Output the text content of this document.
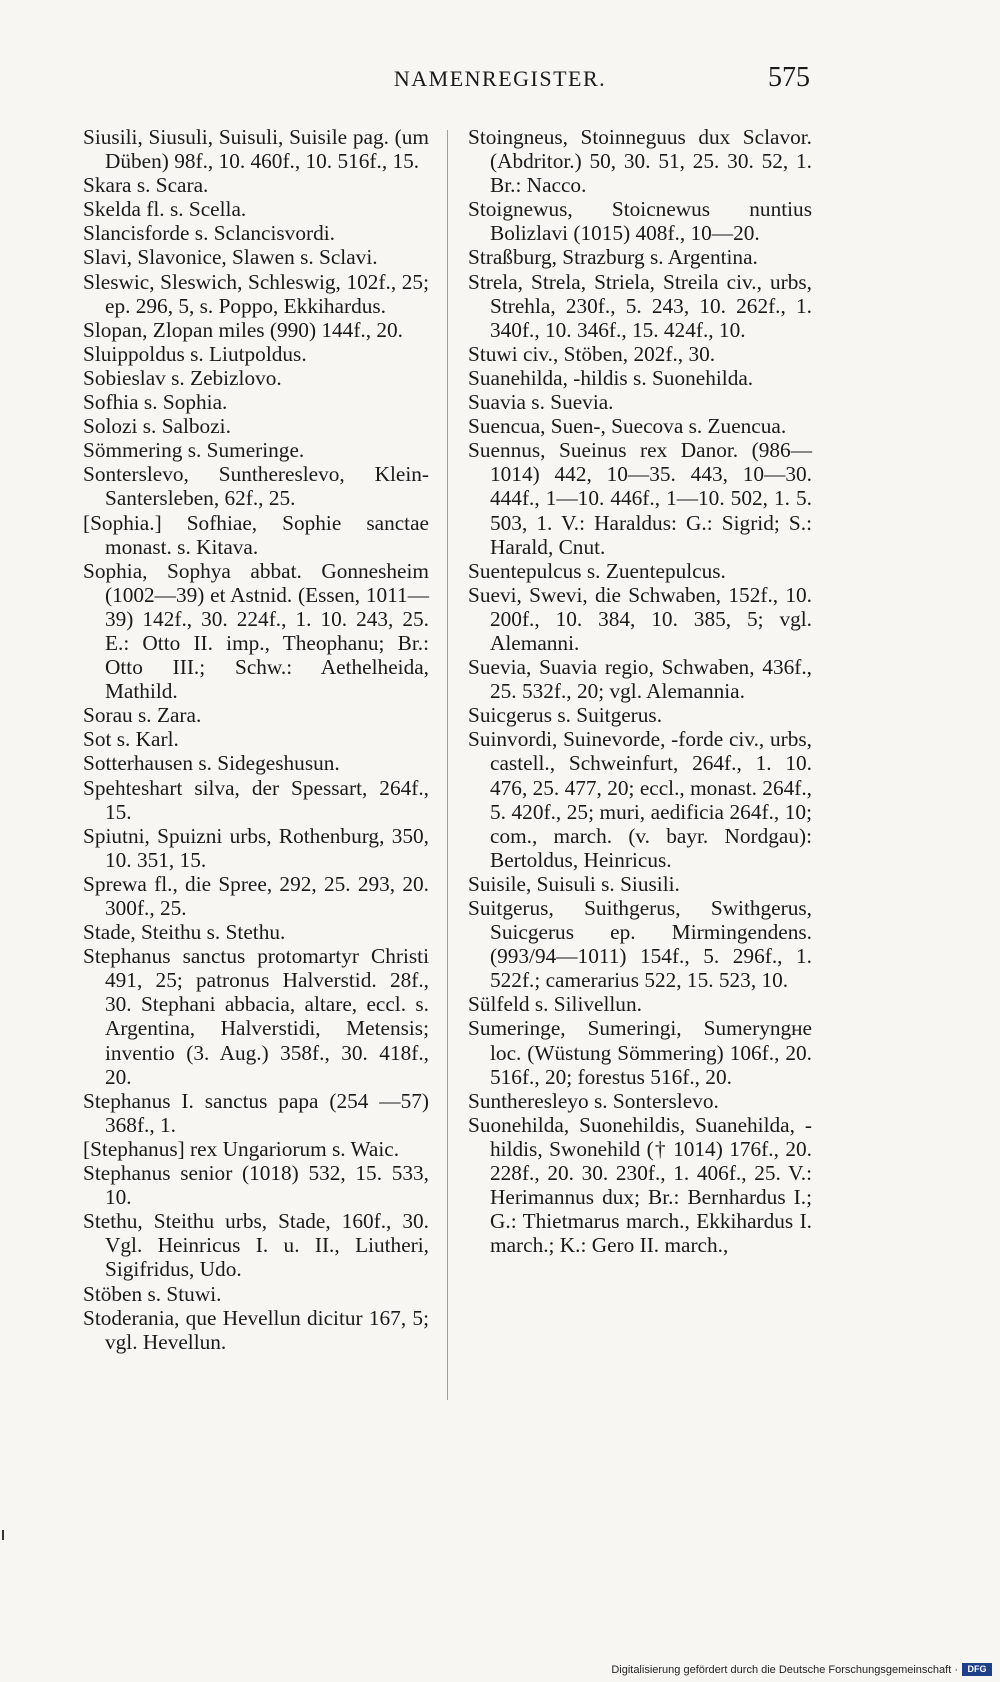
NAMENREGISTER.	575

Siusili, Siusuli, Suisuli, Suisile pag. (um Düben) 98f., 10. 460f., 10. 516f., 15.

Skara s. Scara.

Skelda fl. s. Scella.

Slancisforde s. Sclancisvordi.

Slavi, Slavonice, Slawen s. Sclavi.

Sleswic, Sleswich, Schleswig, 102f., 25; ep. 296, 5, s. Poppo, Ekkihardus.

Slopan, Zlopan miles (990) 144f., 20.

Sluippoldus s. Liutpoldus.

Sobieslav s. Zebizlovo.

Sofhia s. Sophia.

Solozi s. Salbozi.

Sömmering s. Sumeringe.

Sonterslevo, Suntherеslevo, Klein-Santersleben, 62f., 25.

[Sophia.] Sofhiae, Sophie sanctae monast. s. Kitava.

Sophia, Sophya abbat. Gonnesheim (1002—39) et Astnid. (Essen, 1011—39) 142f., 30. 224f., 1. 10. 243, 25. E.: Otto II. imp., Theophanu; Br.: Otto III.; Schw.: Aethelheida, Mathild.

Sorau s. Zara.

Sot s. Karl.

Sotterhausen s. Sidegeshusun.

Spehteshart silva, der Spessart, 264f., 15.

Spiutni, Spuizni urbs, Rothenburg, 350, 10. 351, 15.

Sprewa fl., die Spree, 292, 25. 293, 20. 300f., 25.

Stade, Steithu s. Stethu.

Stephanus sanctus protomartyr Christi 491, 25; patronus Halverstid. 28f., 30. Stephani abbacia, altare, eccl. s. Argentina, Halverstidi, Metensis; inventio (3. Aug.) 358f., 30. 418f., 20.

Stephanus I. sanctus papa (254 —57) 368f., 1.

[Stephanus] rex Ungariorum s. Waic.

Stephanus senior (1018) 532, 15. 533, 10.

Stethu, Steithu urbs, Stade, 160f., 30. Vgl. Heinricus I. u. II., Liutheri, Sigifridus, Udo.

Stöben s. Stuwi.

Stoderania, que Hevellun dicitur 167, 5; vgl. Hevellun.

Stoingneus, Stoinneguus dux Sclavor. (Abdritor.) 50, 30. 51, 25. 30. 52, 1. Br.: Nacco.

Stoignewus, Stoicnewus nuntius Bolizlavi (1015) 408f., 10—20.

Straßburg, Strazburg s. Argentina.

Strela, Strela, Striela, Streila civ., urbs, Strehla, 230f., 5. 243, 10. 262f., 1. 340f., 10. 346f., 15. 424f., 10.

Stuwi civ., Stöben, 202f., 30.

Suanehilda, -hildis s. Suonehilda.

Suavia s. Suevia.

Suencua, Suen-, Suecova s. Zuencua.

Suennus, Sueinus rex Danor. (986—1014) 442, 10—35. 443, 10—30. 444f., 1—10. 446f., 1—10. 502, 1. 5. 503, 1. V.: Haraldus: G.: Sigrid; S.: Harald, Cnut.

Suentepulcus s. Zuentepulcus.

Suevi, Swevi, die Schwaben, 152f., 10. 200f., 10. 384, 10. 385, 5; vgl. Alemanni.

Suevia, Suavia regio, Schwaben, 436f., 25. 532f., 20; vgl. Alemannia.

Suicgerus s. Suitgerus.

Suinvordi, Suinevorde, -forde civ., urbs, castell., Schweinfurt, 264f., 1. 10. 476, 25. 477, 20; eccl., monast. 264f., 5. 420f., 25; muri, aedificia 264f., 10; com., march. (v. bayr. Nordgau): Bertoldus, Heinricus.

Suisile, Suisuli s. Siusili.

Suitgerus, Suithgerus, Swithgerus, Suicgerus ep. Mirmingendens. (993/94—1011) 154f., 5. 296f., 1. 522f.; camerarius 522, 15. 523, 10.

Sülfeld s. Silivellun.

Sumeringe, Sumeringi, Sumeryngнe loc. (Wüstung Sömmering) 106f., 20. 516f., 20; forestus 516f., 20.

Suntheresleyo s. Sonterslevo.

Suonehilda, Suonehildis, Suanehilda, -hildis, Swonehild († 1014) 176f., 20. 228f., 20. 30. 230f., 1. 406f., 25. V.: Herimannus dux; Br.: Bernhardus I.; G.: Thietmarus march., Ekkihardus I. march.; K.: Gero II. march.,

Digitalisierung gefördert durch die Deutsche Forschungsgemeinschaft ·	DFG
